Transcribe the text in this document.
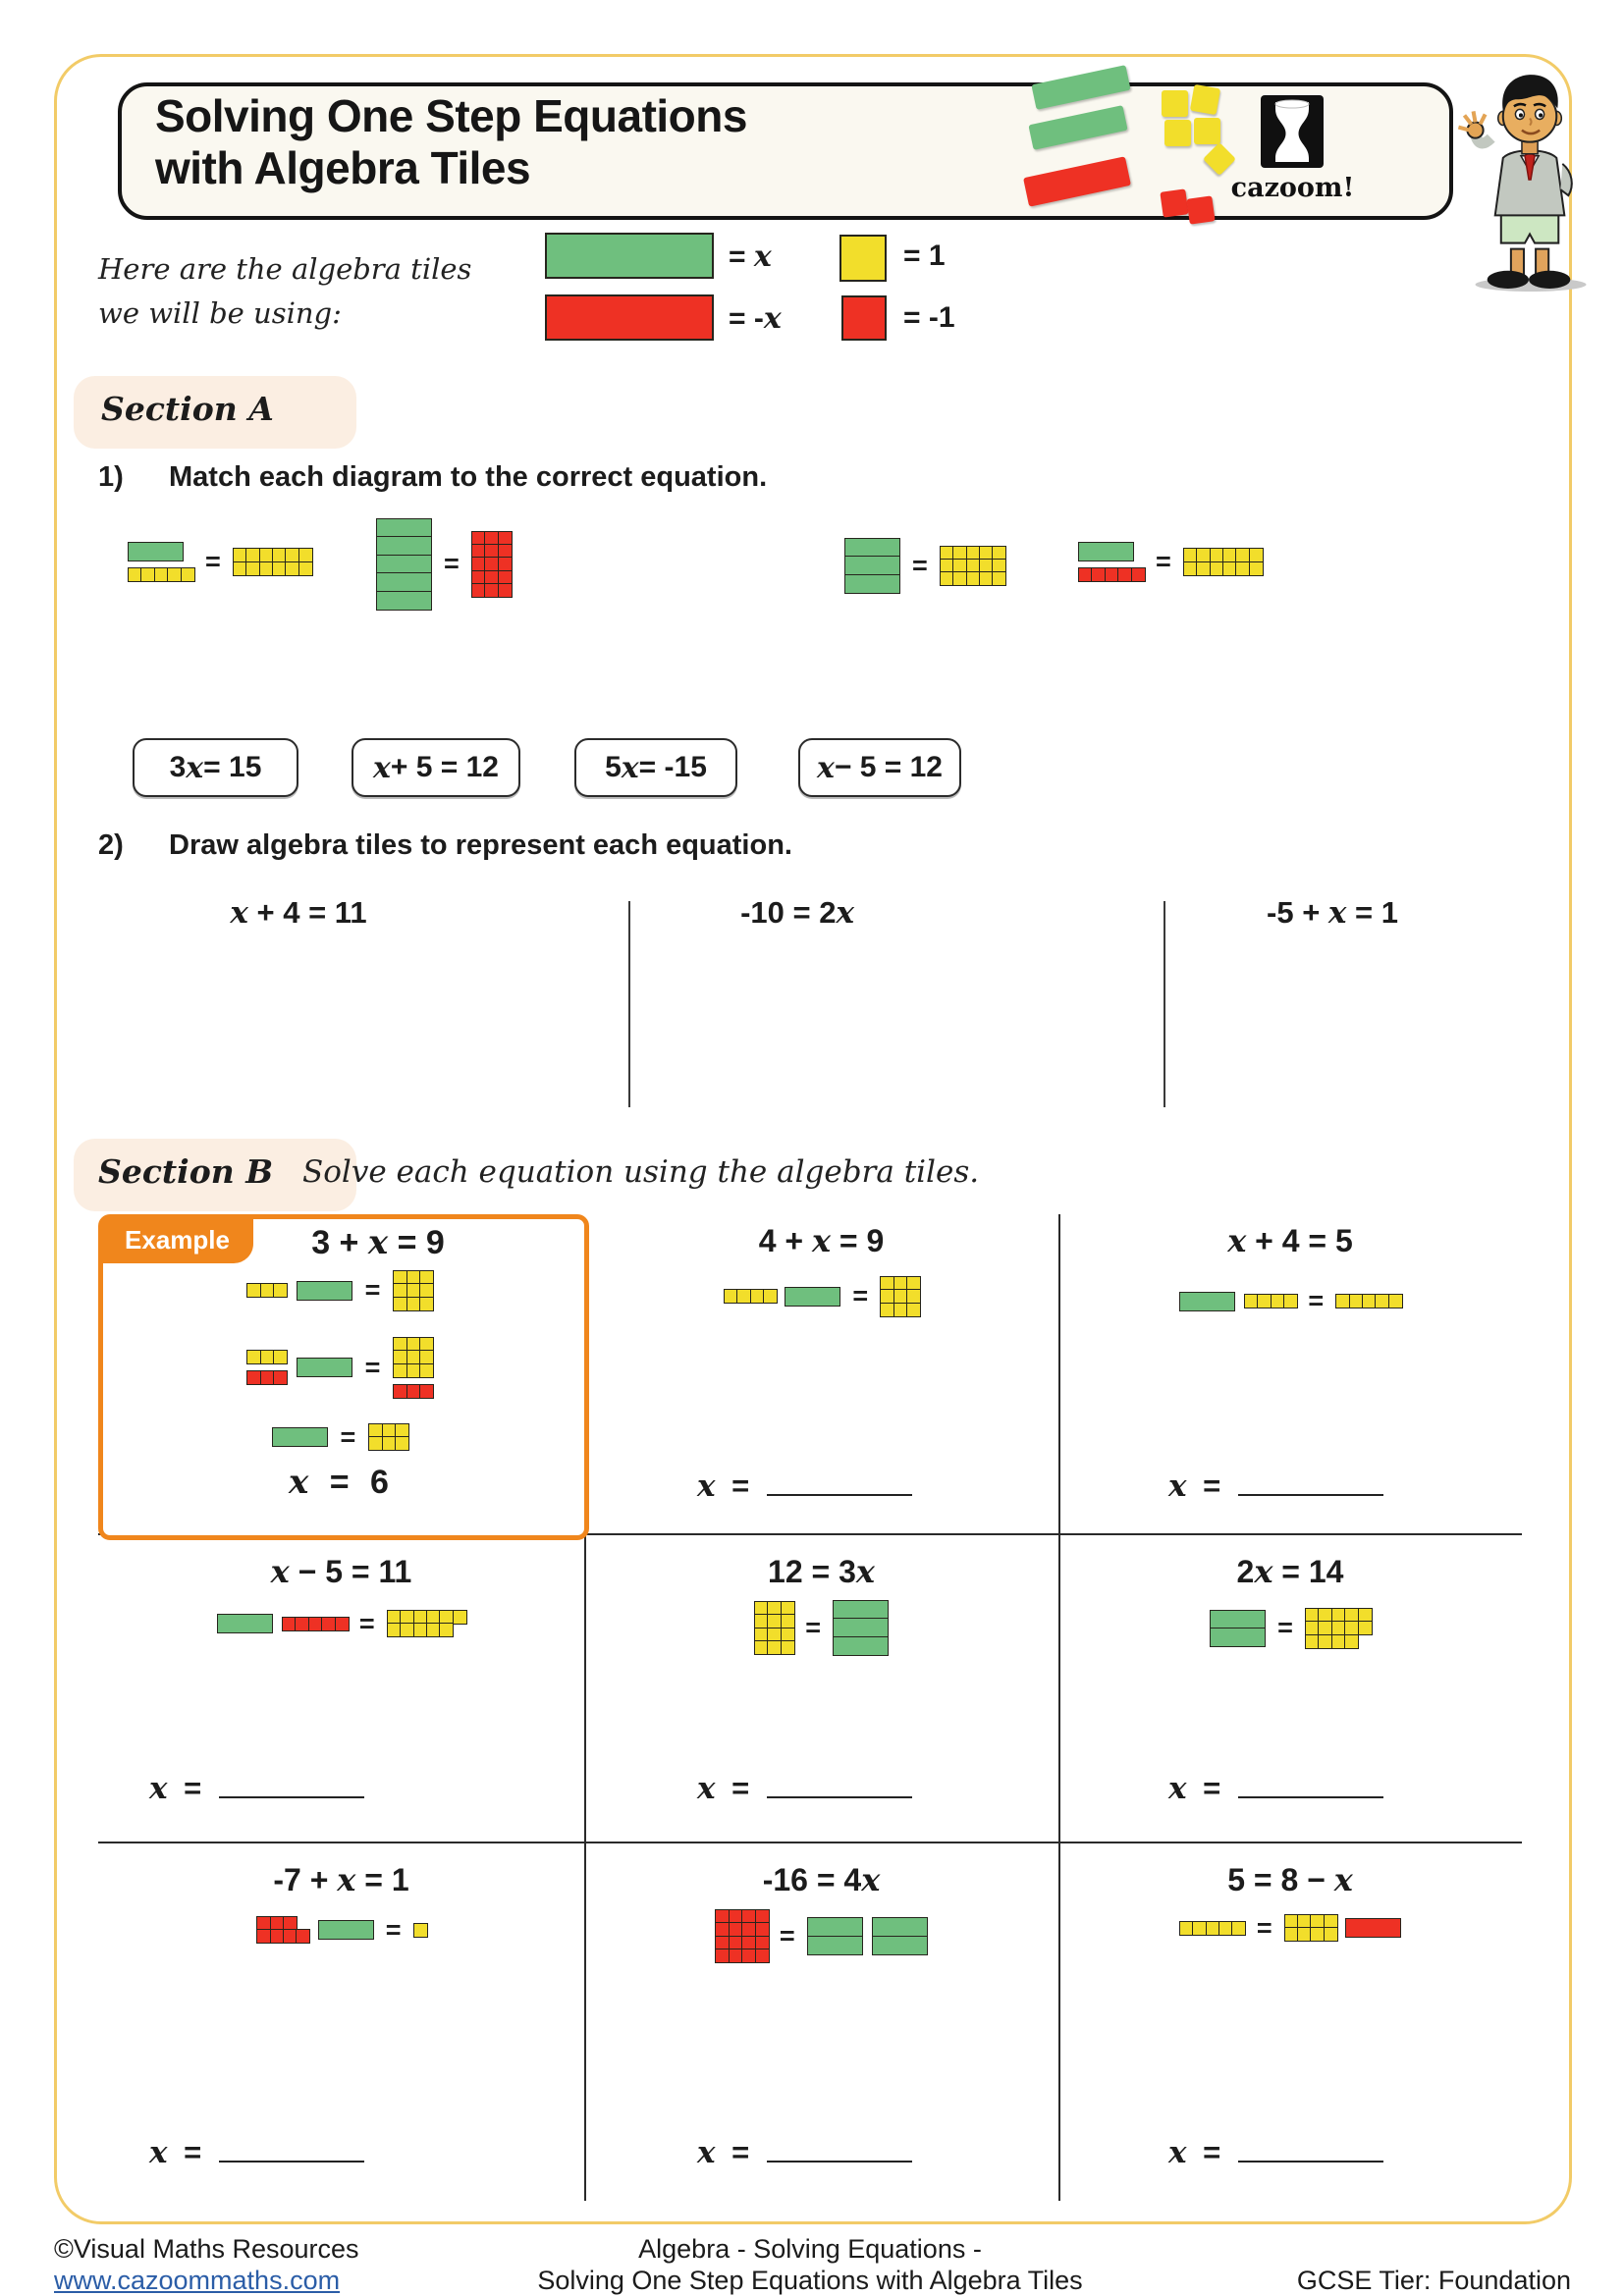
Solving One Step Equations
with Algebra Tiles	cazoom!
Here are the algebra tiles
we will be using:
= x
= -x
= 1
= -1
Section A
1) Match each diagram to the correct equation.
=	=	=	=
3 x = 15	x + 5 = 12	5 x = -15	x − 5 = 12
2) Draw algebra tiles to represent each equation.
x + 4 = 11	-10 = 2x	-5 + x = 1
Section B Solve each equation using the algebra tiles.
Example	3 + x = 9
=
=
=
x = 6
4 + x = 9
=
x =
x + 4 = 5
=
x =
x − 5 = 11
=
x =
12 = 3x
=
x =
2x = 14
=
x =
-7 + x = 1
=
x =
-16 = 4x
=
x =
5 = 8 − x
=
x =
©Visual Maths Resources
www.cazoommaths.com
Algebra - Solving Equations -
Solving One Step Equations with Algebra Tiles	GCSE Tier: Foundation
